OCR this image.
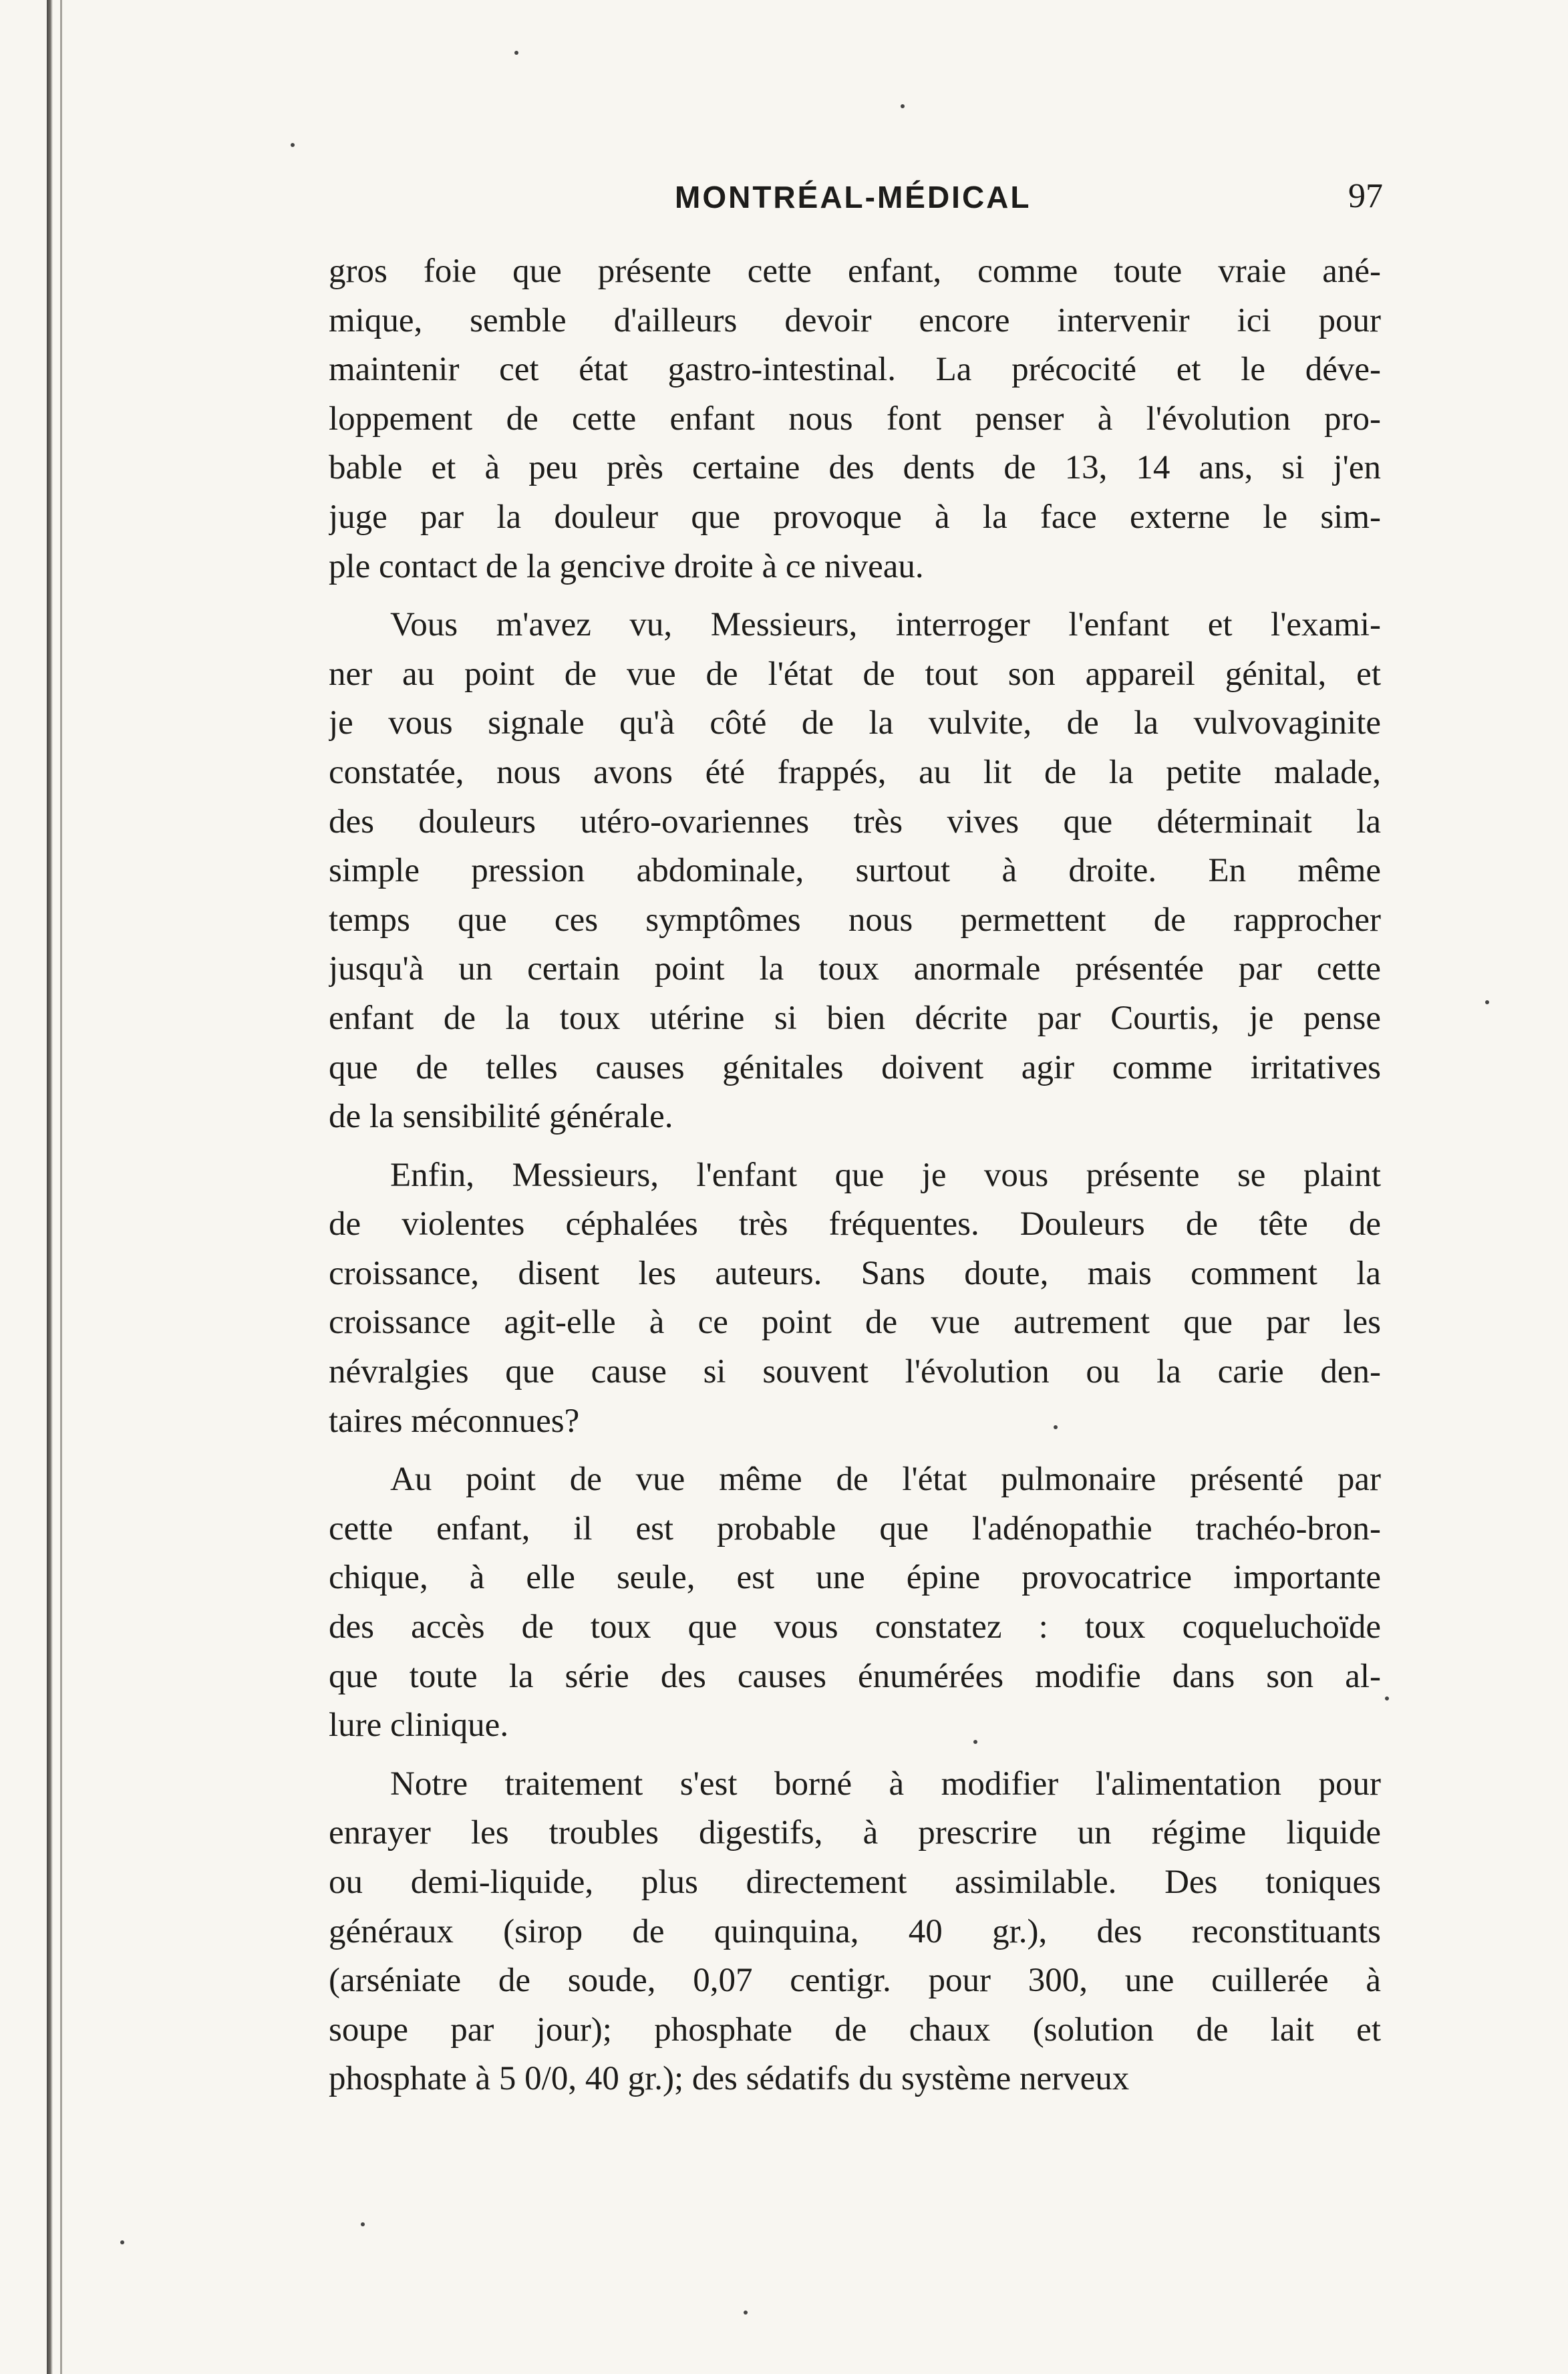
MONTRÉAL-MÉDICAL	97
gros foie que présente cette enfant, comme toute vraie ané-
mique, semble d'ailleurs devoir encore intervenir ici pour
maintenir cet état gastro-intestinal. La précocité et le déve-
loppement de cette enfant nous font penser à l'évolution pro-
bable et à peu près certaine des dents de 13, 14 ans, si j'en
juge par la douleur que provoque à la face externe le sim-
ple contact de la gencive droite à ce niveau.
Vous m'avez vu, Messieurs, interroger l'enfant et l'exami-
ner au point de vue de l'état de tout son appareil génital, et
je vous signale qu'à côté de la vulvite, de la vulvovaginite
constatée, nous avons été frappés, au lit de la petite malade,
des douleurs utéro-ovariennes très vives que déterminait la
simple pression abdominale, surtout à droite. En même
temps que ces symptômes nous permettent de rapprocher
jusqu'à un certain point la toux anormale présentée par cette
enfant de la toux utérine si bien décrite par Courtis, je pense
que de telles causes génitales doivent agir comme irritatives
de la sensibilité générale.
Enfin, Messieurs, l'enfant que je vous présente se plaint
de violentes céphalées très fréquentes. Douleurs de tête de
croissance, disent les auteurs. Sans doute, mais comment la
croissance agit-elle à ce point de vue autrement que par les
névralgies que cause si souvent l'évolution ou la carie den-
taires méconnues?
Au point de vue même de l'état pulmonaire présenté par
cette enfant, il est probable que l'adénopathie trachéo-bron-
chique, à elle seule, est une épine provocatrice importante
des accès de toux que vous constatez : toux coqueluchoïde
que toute la série des causes énumérées modifie dans son al-
lure clinique.
Notre traitement s'est borné à modifier l'alimentation pour
enrayer les troubles digestifs, à prescrire un régime liquide
ou demi-liquide, plus directement assimilable. Des toniques
généraux (sirop de quinquina, 40 gr.), des reconstituants
(arséniate de soude, 0,07 centigr. pour 300, une cuillerée à
soupe par jour); phosphate de chaux (solution de lait et
phosphate à 5 0/0, 40 gr.); des sédatifs du système nerveux
